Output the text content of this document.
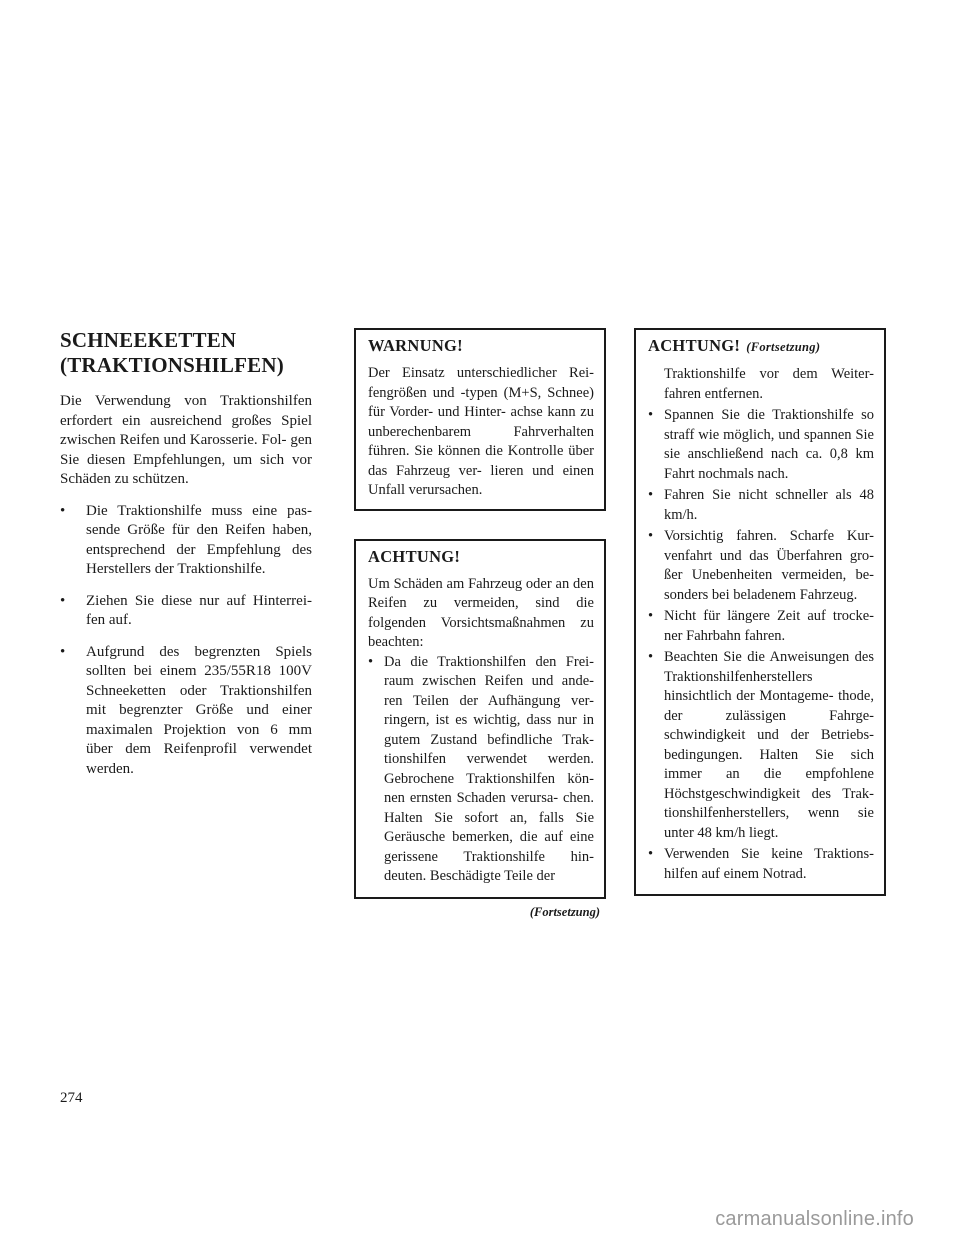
SCHNEEKETTEN
(TRAKTIONSHILFEN)

Die Verwendung von Traktionshilfen erfordert ein ausreichend großes Spiel zwischen Reifen und Karosserie. Fol- gen Sie diesen Empfehlungen, um sich vor Schäden zu schützen.

• Die Traktionshilfe muss eine pas- sende Größe für den Reifen haben, entsprechend der Empfehlung des Herstellers der Traktionshilfe.
• Ziehen Sie diese nur auf Hinterrei- fen auf.
• Aufgrund des begrenzten Spiels sollten bei einem 235/55R18 100V Schneeketten oder Traktionshilfen mit begrenzter Größe und einer maximalen Projektion von 6 mm über dem Reifenprofil verwendet werden.
WARNUNG!

Der Einsatz unterschiedlicher Rei- fengrößen und -typen (M+S, Schnee) für Vorder- und Hinter- achse kann zu unberechenbarem Fahrverhalten führen. Sie können die Kontrolle über das Fahrzeug ver- lieren und einen Unfall verursachen.

ACHTUNG!

Um Schäden am Fahrzeug oder an den Reifen zu vermeiden, sind die folgenden Vorsichtsmaßnahmen zu beachten:

• Da die Traktionshilfen den Frei- raum zwischen Reifen und ande- ren Teilen der Aufhängung ver- ringern, ist es wichtig, dass nur in gutem Zustand befindliche Trak- tionshilfen verwendet werden. Gebrochene Traktionshilfen kön- nen ernsten Schaden verursa- chen. Halten Sie sofort an, falls Sie Geräusche bemerken, die auf eine gerissene Traktionshilfe hin- deuten. Beschädigte Teile der
(Fortsetzung)
ACHTUNG! (Fortsetzung)
Traktionshilfe vor dem Weiter- fahren entfernen.
• Spannen Sie die Traktionshilfe so straff wie möglich, und spannen Sie sie anschließend nach ca. 0,8 km Fahrt nochmals nach.
• Fahren Sie nicht schneller als 48 km/h.
• Vorsichtig fahren. Scharfe Kur- venfahrt und das Überfahren gro- ßer Unebenheiten vermeiden, be- sonders bei beladenem Fahrzeug.
• Nicht für längere Zeit auf trocke- ner Fahrbahn fahren.
• Beachten Sie die Anweisungen des Traktionshilfenherstellers hinsichtlich der Montageme- thode, der zulässigen Fahrge- schwindigkeit und der Betriebs- bedingungen. Halten Sie sich immer an die empfohlene Höchstgeschwindigkeit des Trak- tionshilfenherstellers, wenn sie unter 48 km/h liegt.
• Verwenden Sie keine Traktions- hilfen auf einem Notrad.
274
carmanualsonline.info
